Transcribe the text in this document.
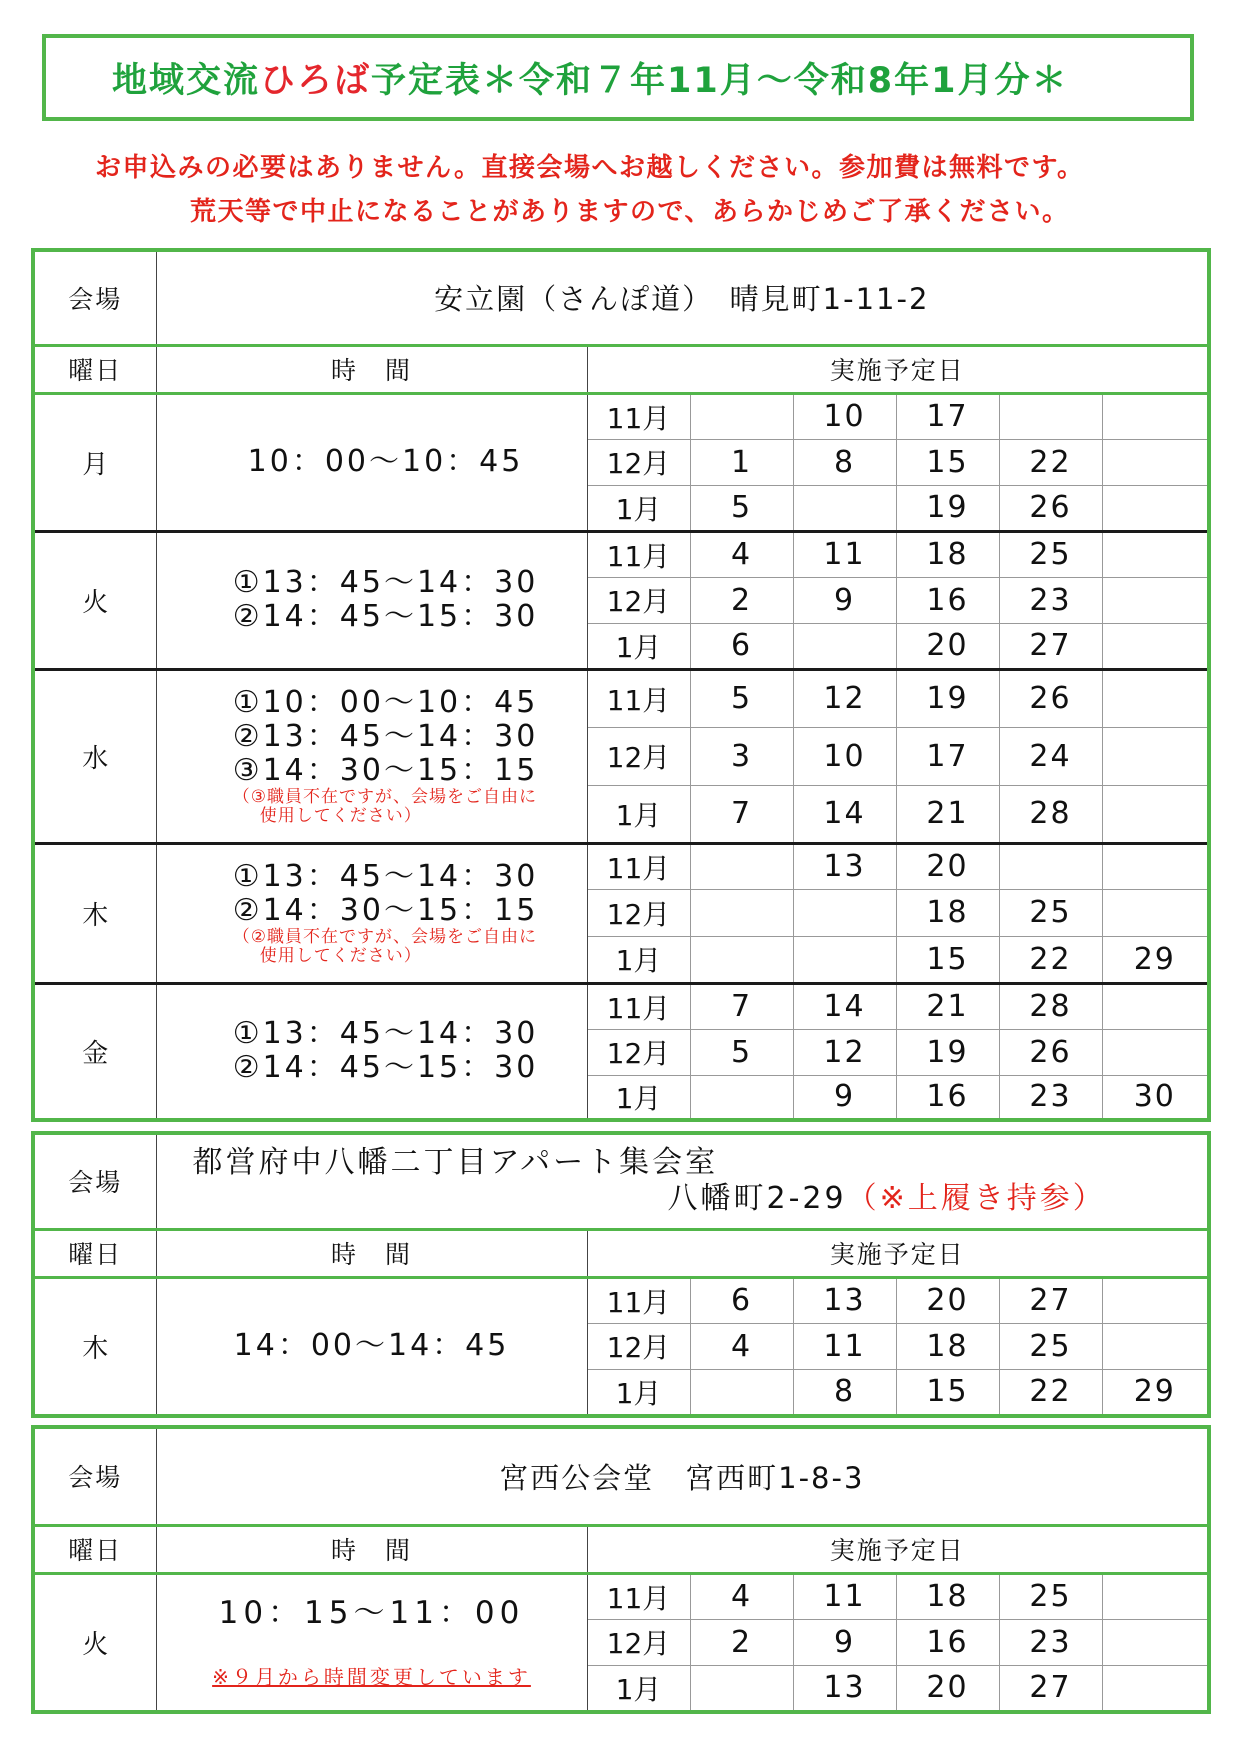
地域交流 ひろば 予定表＊令和７年11月～令和8年1月分＊
お申込みの必要はありません。直接会場へお越しください。参加費は無料です。
荒天等で中止になることがありますので、あらかじめご了承ください。
会場	安立園（さんぽ道）　晴見町1-11-2						

曜日	時　間	実施予定日					
月	10：00～10：45	11月		10	17		
		12月	1	8	15	22	
		1月	5		19	26	
火	①13：45～14：30
②14：45～15：30	11月	4	11	18	25	
		12月	2	9	16	23	
		1月	6		20	27	
水	①10：00～10：45
②13：45～14：30
③14：30～15：15
（③職員不在ですが、会場をご自由に
使用してください）	11月	5	12	19	26	
		12月	3	10	17	24	
		1月	7	14	21	28	
木	①13：45～14：30
②14：30～15：15
（②職員不在ですが、会場をご自由に
使用してください）	11月		13	20		
		12月			18	25	
		1月			15	22	29
金	①13：45～14：30
②14：45～15：30	11月	7	14	21	28	
		12月	5	12	19	26	
		1月		9	16	23	30
会場	都営府中八幡二丁目アパート集会室
八幡町2-29（※上履き持参）						

曜日	時　間	実施予定日					
木	14：00～14：45	11月	6	13	20	27	
		12月	4	11	18	25	
		1月		8	15	22	29
会場	宮西公会堂　宮西町1-8-3						

曜日	時　間	実施予定日					
火	10：15～11：00
※９月から時間変更しています	11月	4	11	18	25	
		12月	2	9	16	23	
		1月		13	20	27	
